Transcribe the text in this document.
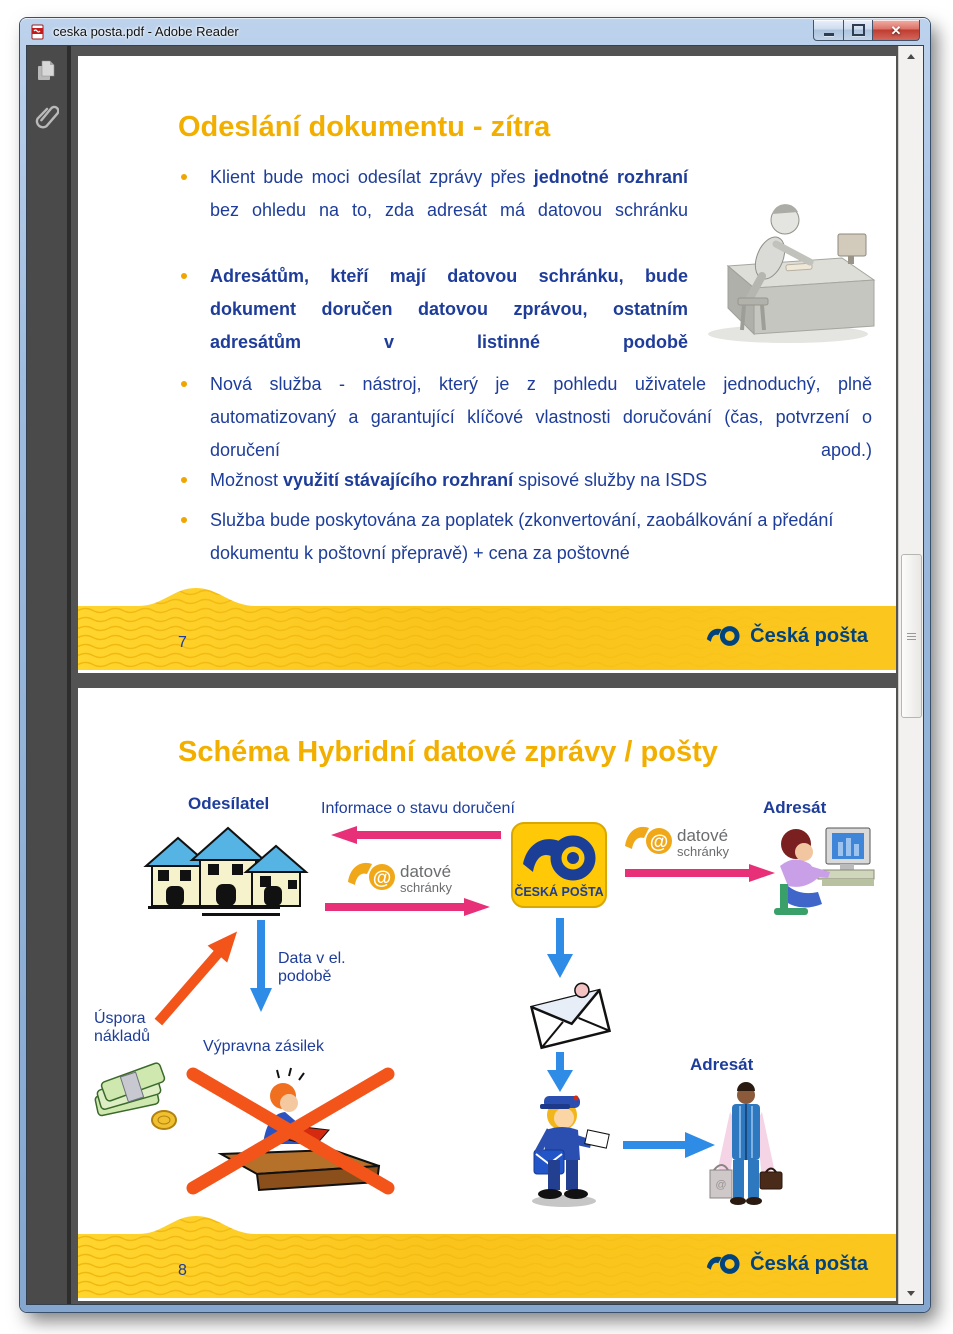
ceska posta.pdf - Adobe Reader	✕
Odeslání dokumentu - zítra

Klient bude moci odesílat zprávy přes jednotné rozhraní bez ohledu na to, zda adresát má datovou schránku

Adresátům, kteří mají datovou schránku, bude dokument doručen datovou zprávou, ostatním adresátům v listinné podobě

Nová služba - nástroj, který je z pohledu uživatele jednoduchý, plně automatizovaný a garantující klíčové vlastnosti doručování (čas, potvrzení o doručení apod.)

Možnost využití stávajícího rozhraní spisové služby na ISDS

Služba bude poskytována za poplatek (zkonvertování, zaobálkování a předání dokumentu k poštovní přepravě) + cena za poštovné

7	Česká pošta
Schéma Hybridní datové zprávy / pošty
Odesílatel	Informace o stavu doručení	Adresát
Data v el.
podobě
Úspora
nákladů
Výpravna zásilek
Adresát
@ datové
schránky	ČESKÁ POŠTA
@ datové
schránky
@
8	Česká pošta
